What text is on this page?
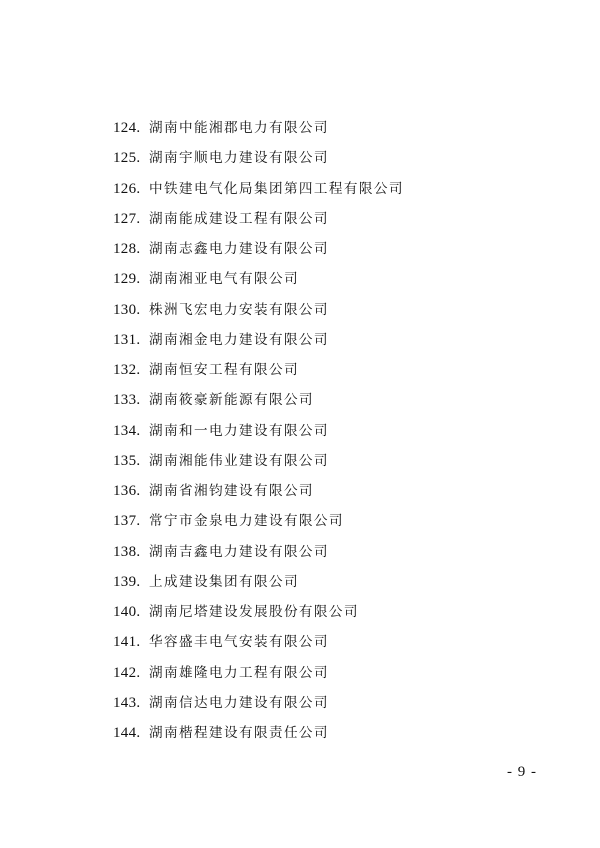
124. 湖南中能湘郡电力有限公司
125. 湖南宇顺电力建设有限公司
126. 中铁建电气化局集团第四工程有限公司
127. 湖南能成建设工程有限公司
128. 湖南志鑫电力建设有限公司
129. 湖南湘亚电气有限公司
130. 株洲飞宏电力安装有限公司
131. 湖南湘金电力建设有限公司
132. 湖南恒安工程有限公司
133. 湖南筱豪新能源有限公司
134. 湖南和一电力建设有限公司
135. 湖南湘能伟业建设有限公司
136. 湖南省湘钧建设有限公司
137. 常宁市金泉电力建设有限公司
138. 湖南吉鑫电力建设有限公司
139. 上成建设集团有限公司
140. 湖南尼塔建设发展股份有限公司
141. 华容盛丰电气安装有限公司
142. 湖南雄隆电力工程有限公司
143. 湖南信达电力建设有限公司
144. 湖南楷程建设有限责任公司
- 9 -
